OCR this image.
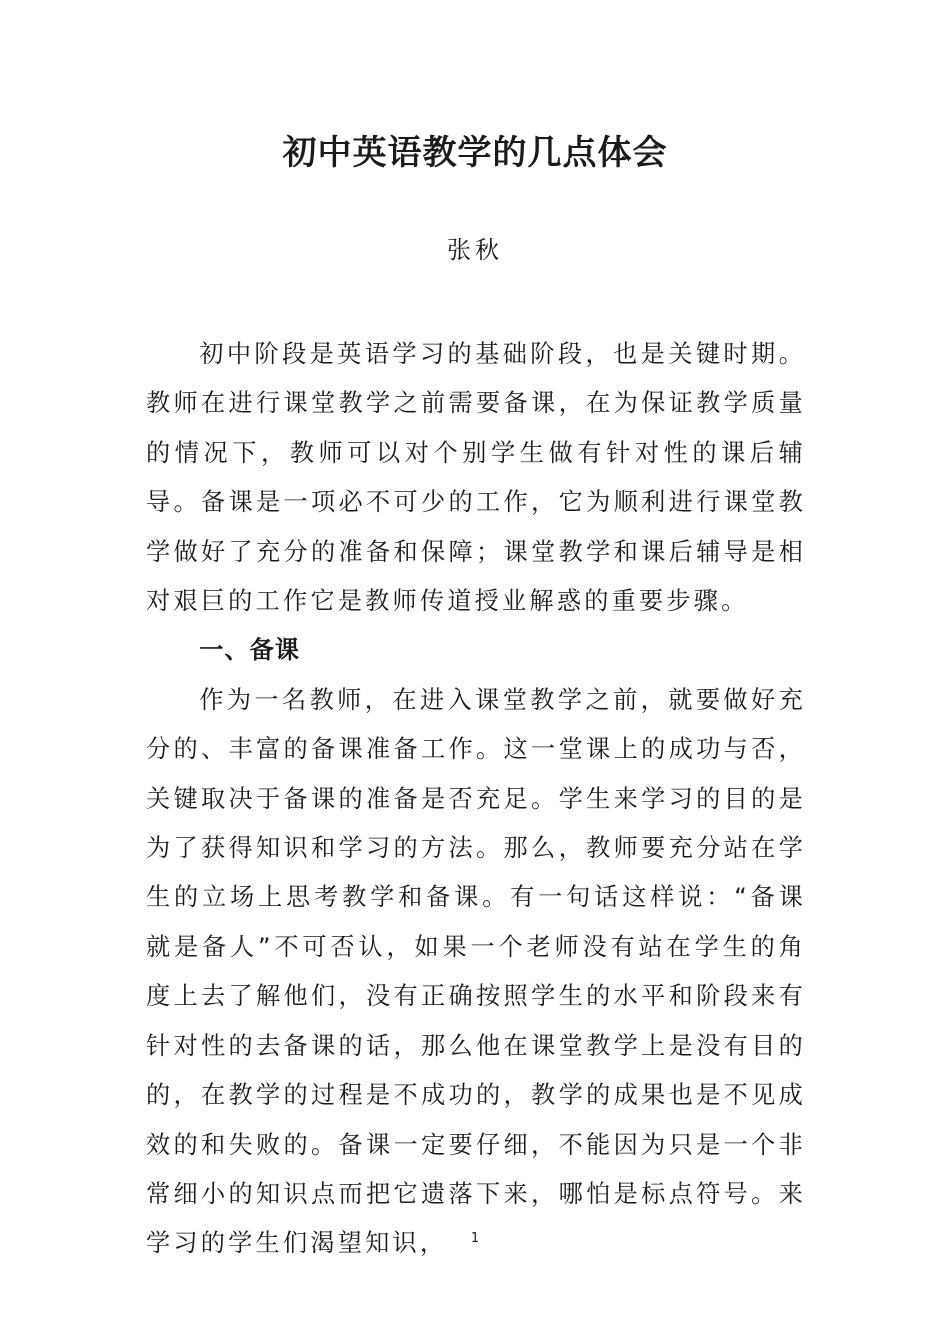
初中英语教学的几点体会
张秋

初中阶段是英语学习的基础阶段，也是关键时期。教师在进行课堂教学之前需要备课，在为保证教学质量的情况下，教师可以对个别学生做有针对性的课后辅导。备课是一项必不可少的工作，它为顺利进行课堂教学做好了充分的准备和保障；课堂教学和课后辅导是相对艰巨的工作它是教师传道授业解惑的重要步骤。

一、备课

作为一名教师，在进入课堂教学之前，就要做好充分的、丰富的备课准备工作。这一堂课上的成功与否，关键取决于备课的准备是否充足。学生来学习的目的是为了获得知识和学习的方法。那么，教师要充分站在学生的立场上思考教学和备课。有一句话这样说：“备课就是备人”不可否认，如果一个老师没有站在学生的角度上去了解他们，没有正确按照学生的水平和阶段来有针对性的去备课的话，那么他在课堂教学上是没有目的的，在教学的过程是不成功的，教学的成果也是不见成效的和失败的。备课一定要仔细，不能因为只是一个非常细小的知识点而把它遗落下来，哪怕是标点符号。来学习的学生们渴望知识，	1
